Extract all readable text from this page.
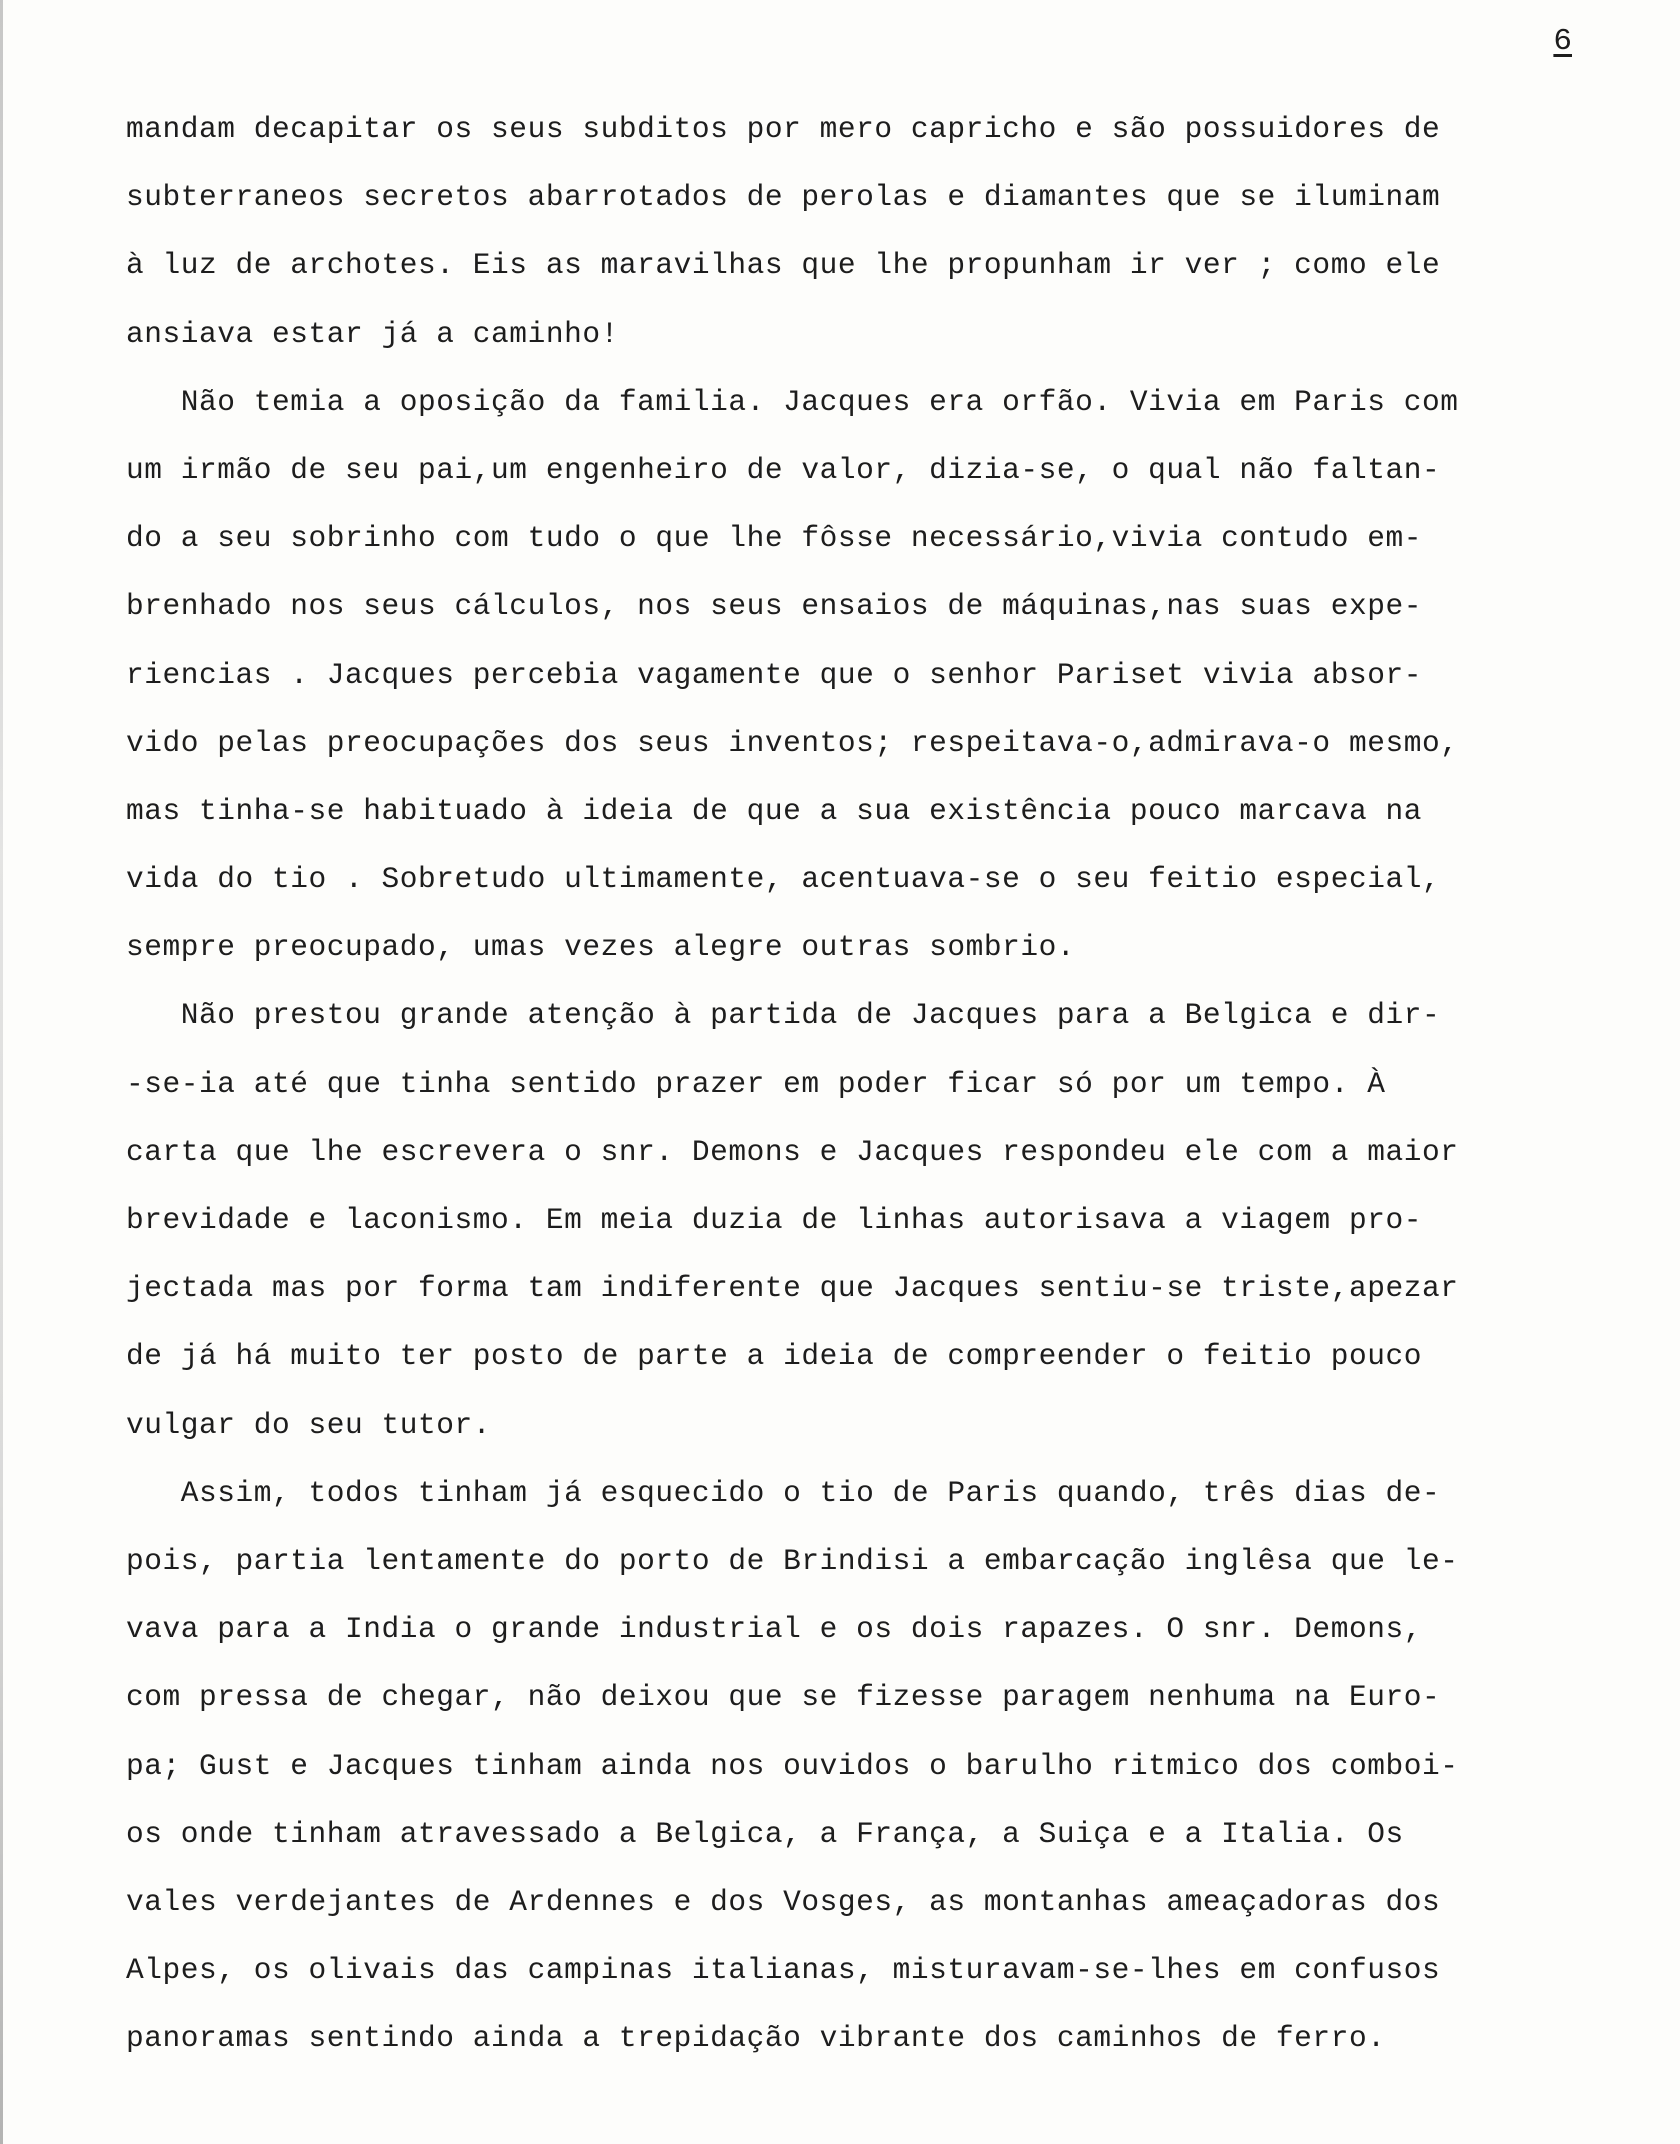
6

mandam decapitar os seus subditos por mero capricho e são possuidores de
subterraneos secretos abarrotados de perolas e diamantes que se iluminam
à luz de archotes. Eis as maravilhas que lhe propunham ir ver ; como ele
ansiava estar já a caminho!

Não temia a oposição da familia. Jacques era orfão. Vivia em Paris com
um irmão de seu pai,um engenheiro de valor, dizia-se, o qual não faltan-
do a seu sobrinho com tudo o que lhe fôsse necessário,vivia contudo em-
brenhado nos seus cálculos, nos seus ensaios de máquinas,nas suas expe-
riencias . Jacques percebia vagamente que o senhor Pariset vivia absor-
vido pelas preocupações dos seus inventos; respeitava-o,admirava-o mesmo,
mas tinha-se habituado à ideia de que a sua existência pouco marcava na
vida do tio . Sobretudo ultimamente, acentuava-se o seu feitio especial,
sempre preocupado, umas vezes alegre outras sombrio.

Não prestou grande atenção à partida de Jacques para a Belgica e dir-
-se-ia até que tinha sentido prazer em poder ficar só por um tempo. À
carta que lhe escrevera o snr. Demons e Jacques respondeu ele com a maior
brevidade e laconismo. Em meia duzia de linhas autorisava a viagem pro-
jectada mas por forma tam indiferente que Jacques sentiu-se triste,apezar
de já há muito ter posto de parte a ideia de compreender o feitio pouco
vulgar do seu tutor.

Assim, todos tinham já esquecido o tio de Paris quando, três dias de-
pois, partia lentamente do porto de Brindisi a embarcação inglêsa que le-
vava para a India o grande industrial e os dois rapazes. O snr. Demons,
com pressa de chegar, não deixou que se fizesse paragem nenhuma na Euro-
pa; Gust e Jacques tinham ainda nos ouvidos o barulho ritmico dos comboi-
os onde tinham atravessado a Belgica, a França, a Suiça e a Italia. Os
vales verdejantes de Ardennes e dos Vosges, as montanhas ameaçadoras dos
Alpes, os olivais das campinas italianas, misturavam-se-lhes em confusos
panoramas sentindo ainda a trepidação vibrante dos caminhos de ferro.
